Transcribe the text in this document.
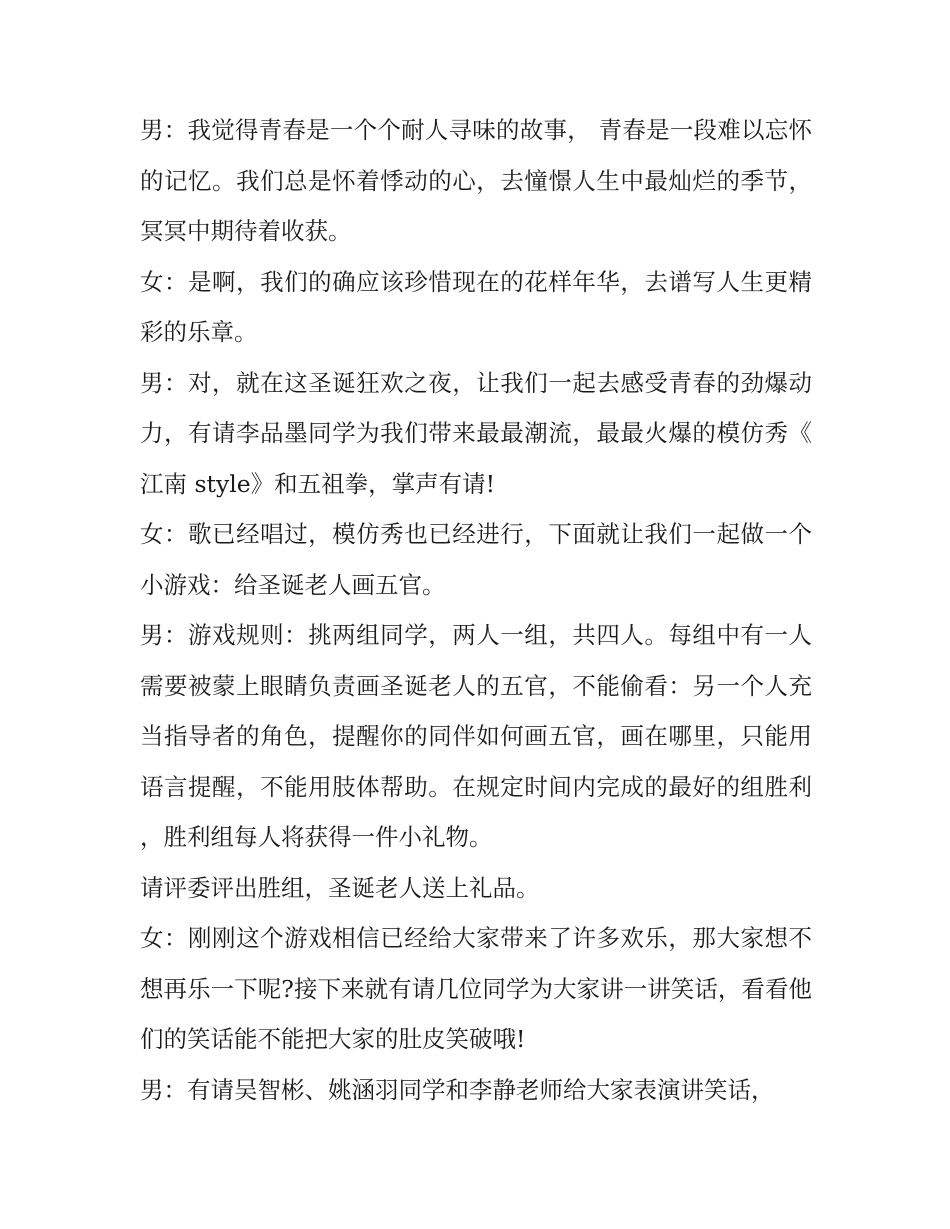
男：我觉得青春是一个个耐人寻味的故事， 青春是一段难以忘怀的记忆。我们总是怀着悸动的心，去憧憬人生中最灿烂的季节，冥冥中期待着收获。

女：是啊，我们的确应该珍惜现在的花样年华，去谱写人生更精彩的乐章。

男：对，就在这圣诞狂欢之夜，让我们一起去感受青春的劲爆动力，有请李品墨同学为我们带来最最潮流，最最火爆的模仿秀《江南 style》和五祖拳，掌声有请!

女：歌已经唱过，模仿秀也已经进行，下面就让我们一起做一个小游戏：给圣诞老人画五官。

男：游戏规则：挑两组同学，两人一组，共四人。每组中有一人需要被蒙上眼睛负责画圣诞老人的五官，不能偷看：另一个人充当指导者的角色，提醒你的同伴如何画五官，画在哪里，只能用语言提醒，不能用肢体帮助。在规定时间内完成的最好的组胜利，胜利组每人将获得一件小礼物。

请评委评出胜组，圣诞老人送上礼品。

女：刚刚这个游戏相信已经给大家带来了许多欢乐，那大家想不想再乐一下呢?接下来就有请几位同学为大家讲一讲笑话，看看他们的笑话能不能把大家的肚皮笑破哦!

男：有请吴智彬、姚涵羽同学和李静老师给大家表演讲笑话，
